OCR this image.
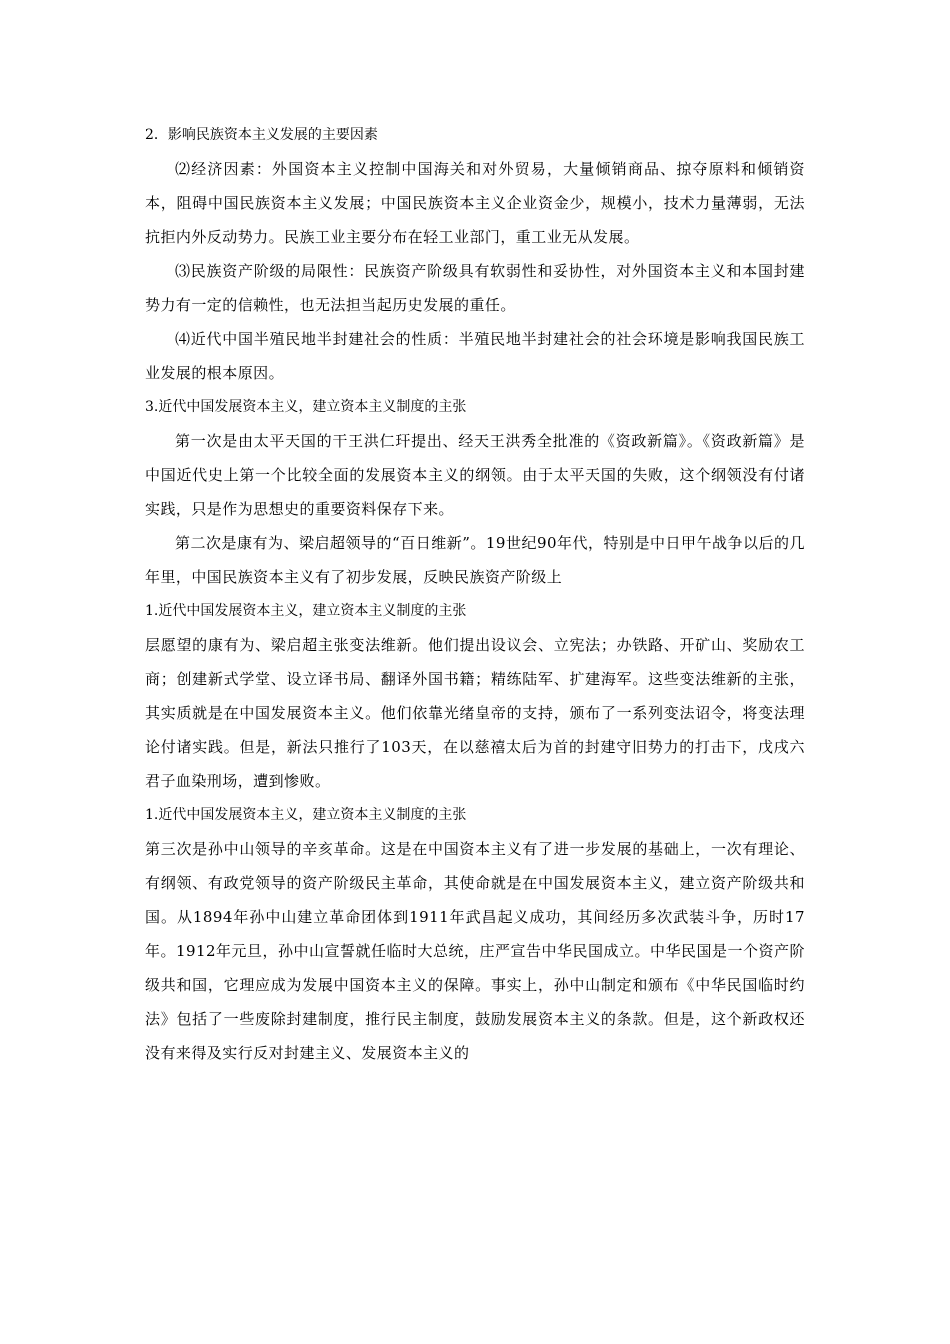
2．影响民族资本主义发展的主要因素

⑵经济因素：外国资本主义控制中国海关和对外贸易，大量倾销商品、掠夺原料和倾销资本，阻碍中国民族资本主义发展；中国民族资本主义企业资金少，规模小，技术力量薄弱，无法抗拒内外反动势力。民族工业主要分布在轻工业部门，重工业无从发展。

⑶民族资产阶级的局限性：民族资产阶级具有软弱性和妥协性，对外国资本主义和本国封建势力有一定的信赖性，也无法担当起历史发展的重任。

⑷近代中国半殖民地半封建社会的性质：半殖民地半封建社会的社会环境是影响我国民族工业发展的根本原因。

3.近代中国发展资本主义，建立资本主义制度的主张

第一次是由太平天国的干王洪仁玕提出、经天王洪秀全批准的《资政新篇》。《资政新篇》是中国近代史上第一个比较全面的发展资本主义的纲领。由于太平天国的失败，这个纲领没有付诸实践，只是作为思想史的重要资料保存下来。

第二次是康有为、梁启超领导的“百日维新”。19世纪90年代，特别是中日甲午战争以后的几年里，中国民族资本主义有了初步发展，反映民族资产阶级上

1.近代中国发展资本主义，建立资本主义制度的主张

层愿望的康有为、梁启超主张变法维新。他们提出设议会、立宪法；办铁路、开矿山、奖励农工商；创建新式学堂、设立译书局、翻译外国书籍；精练陆军、扩建海军。这些变法维新的主张，其实质就是在中国发展资本主义。他们依靠光绪皇帝的支持，颁布了一系列变法诏令，将变法理论付诸实践。但是，新法只推行了103天，在以慈禧太后为首的封建守旧势力的打击下，戊戌六君子血染刑场，遭到惨败。

1.近代中国发展资本主义，建立资本主义制度的主张

第三次是孙中山领导的辛亥革命。这是在中国资本主义有了进一步发展的基础上，一次有理论、有纲领、有政党领导的资产阶级民主革命，其使命就是在中国发展资本主义，建立资产阶级共和国。从1894年孙中山建立革命团体到1911年武昌起义成功，其间经历多次武装斗争，历时17年。1912年元旦，孙中山宣誓就任临时大总统，庄严宣告中华民国成立。中华民国是一个资产阶级共和国，它理应成为发展中国资本主义的保障。事实上，孙中山制定和颁布《中华民国临时约法》包括了一些废除封建制度，推行民主制度，鼓励发展资本主义的条款。但是，这个新政权还没有来得及实行反对封建主义、发展资本主义的
